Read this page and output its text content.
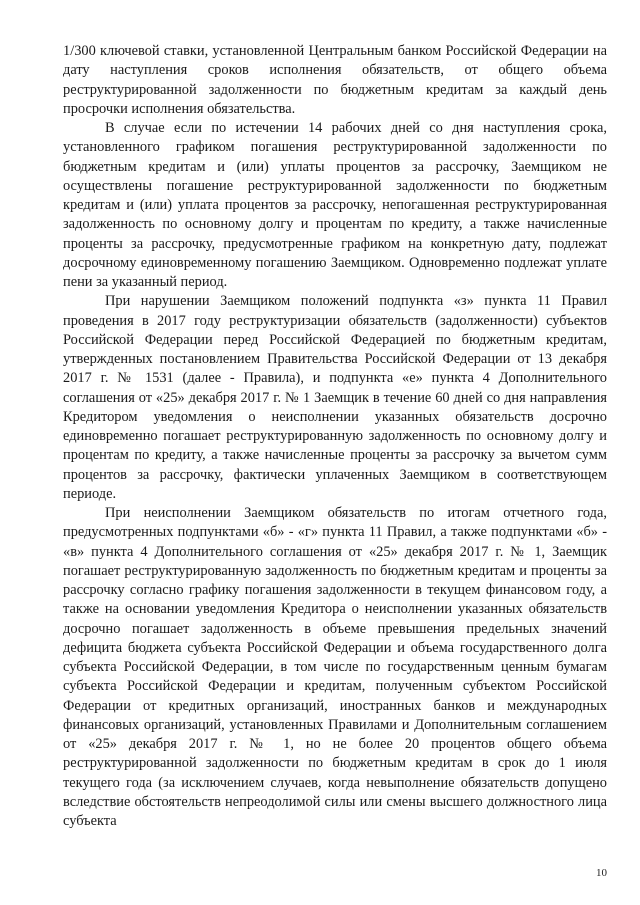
1/300 ключевой ставки, установленной Центральным банком Российской Федерации на дату наступления сроков исполнения обязательств, от общего объема реструктурированной задолженности по бюджетным кредитам за каждый день просрочки исполнения обязательства.

В случае если по истечении 14 рабочих дней со дня наступления срока, установленного графиком погашения реструктурированной задолженности по бюджетным кредитам и (или) уплаты процентов за рассрочку, Заемщиком не осуществлены погашение реструктурированной задолженности по бюджетным кредитам и (или) уплата процентов за рассрочку, непогашенная реструктурированная задолженность по основному долгу и процентам по кредиту, а также начисленные проценты за рассрочку, предусмотренные графиком на конкретную дату, подлежат досрочному единовременному погашению Заемщиком. Одновременно подлежат уплате пени за указанный период.

При нарушении Заемщиком положений подпункта «з» пункта 11 Правил проведения в 2017 году реструктуризации обязательств (задолженности) субъектов Российской Федерации перед Российской Федерацией по бюджетным кредитам, утвержденных постановлением Правительства Российской Федерации от 13 декабря 2017 г. № 1531 (далее - Правила), и подпункта «е» пункта 4 Дополнительного соглашения от «25» декабря 2017 г. № 1 Заемщик в течение 60 дней со дня направления Кредитором уведомления о неисполнении указанных обязательств досрочно единовременно погашает реструктурированную задолженность по основному долгу и процентам по кредиту, а также начисленные проценты за рассрочку за вычетом сумм процентов за рассрочку, фактически уплаченных Заемщиком в соответствующем периоде.

При неисполнении Заемщиком обязательств по итогам отчетного года, предусмотренных подпунктами «б» - «г» пункта 11 Правил, а также подпунктами «б» - «в» пункта 4 Дополнительного соглашения от «25» декабря 2017 г. № 1, Заемщик погашает реструктурированную задолженность по бюджетным кредитам и проценты за рассрочку согласно графику погашения задолженности в текущем финансовом году, а также на основании уведомления Кредитора о неисполнении указанных обязательств досрочно погашает задолженность в объеме превышения предельных значений дефицита бюджета субъекта Российской Федерации и объема государственного долга субъекта Российской Федерации, в том числе по государственным ценным бумагам субъекта Российской Федерации и кредитам, полученным субъектом Российской Федерации от кредитных организаций, иностранных банков и международных финансовых организаций, установленных Правилами и Дополнительным соглашением от «25» декабря 2017 г. № 1, но не более 20 процентов общего объема реструктурированной задолженности по бюджетным кредитам в срок до 1 июля текущего года (за исключением случаев, когда невыполнение обязательств допущено вследствие обстоятельств непреодолимой силы или смены высшего должностного лица субъекта

10
